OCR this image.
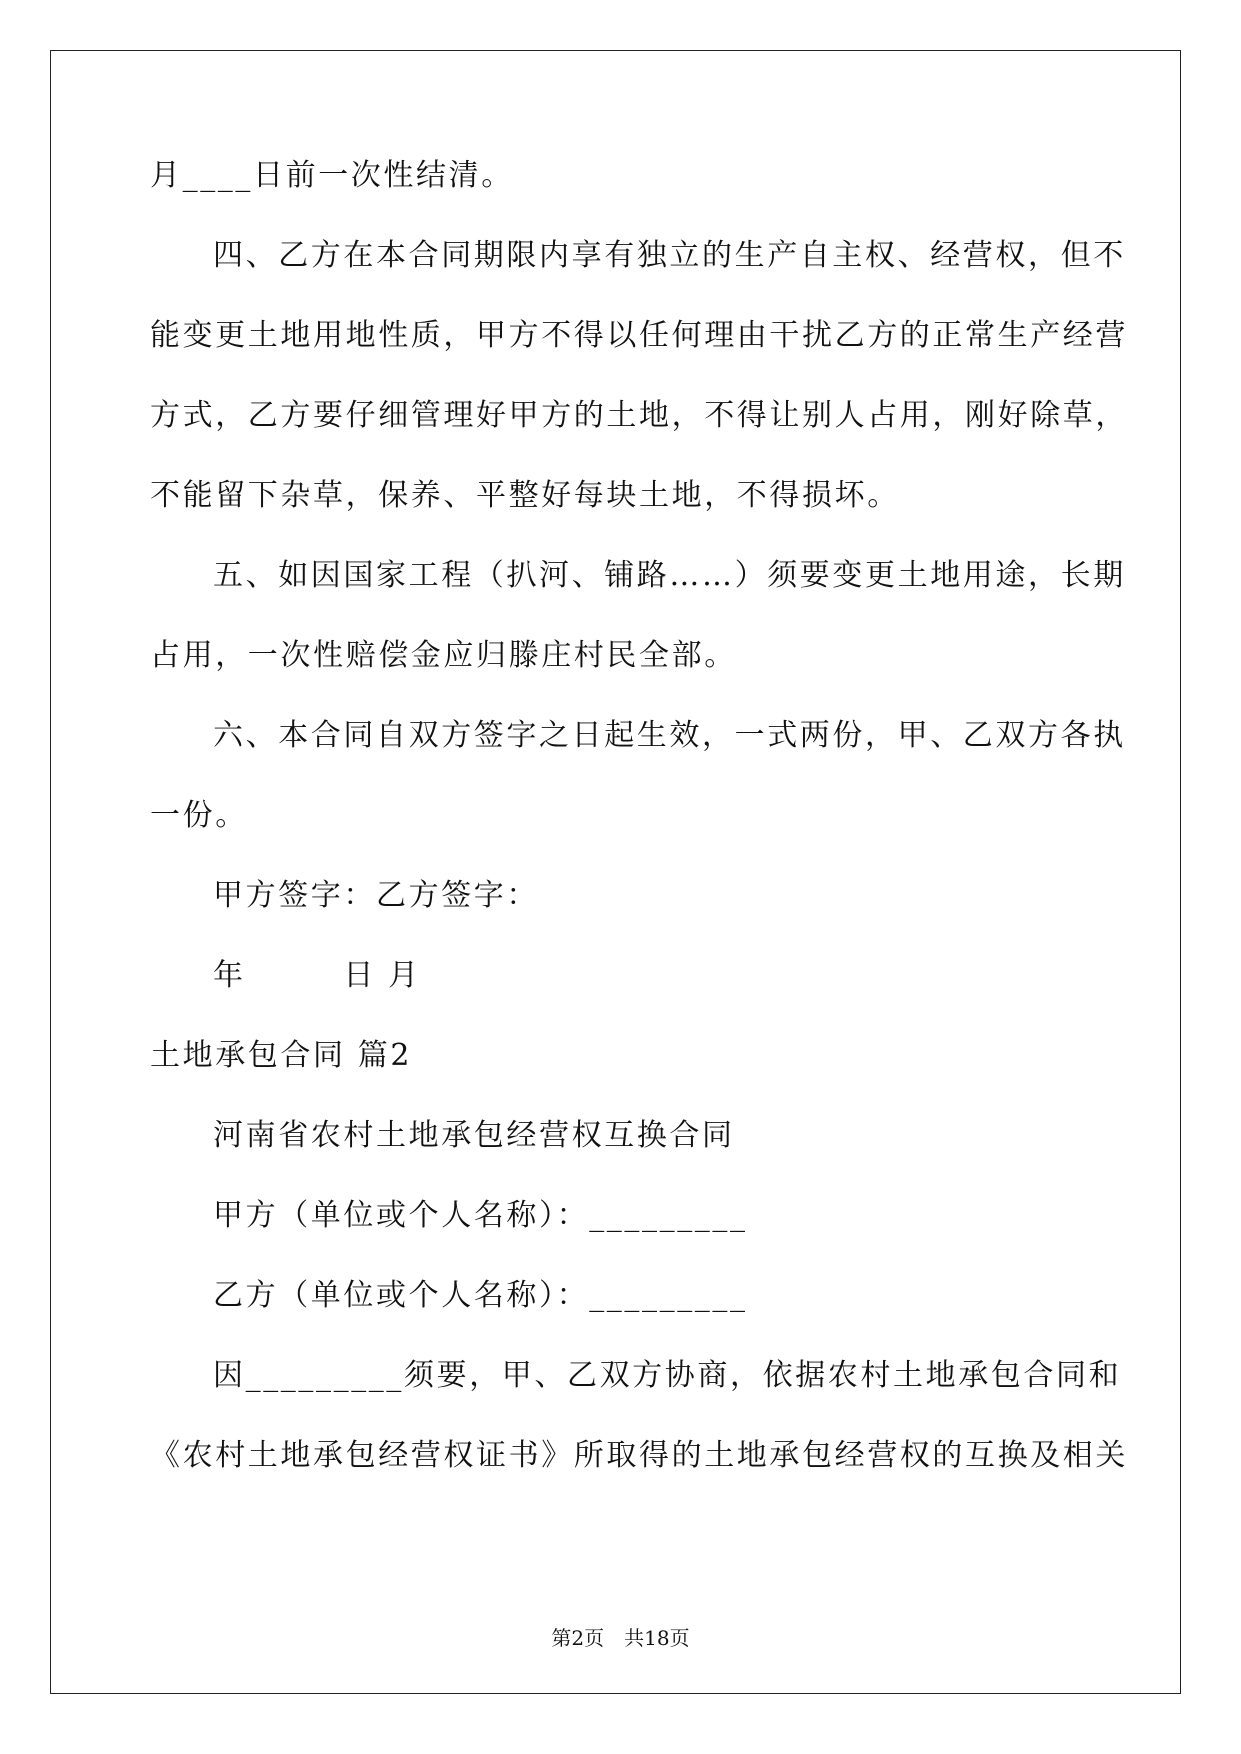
月____日前一次性结清。
四、乙方在本合同期限内享有独立的生产自主权、经营权，但不
能变更土地用地性质，甲方不得以任何理由干扰乙方的正常生产经营
方式，乙方要仔细管理好甲方的土地，不得让别人占用，刚好除草，
不能留下杂草，保养、平整好每块土地，不得损坏。
五、如因国家工程（扒河、铺路……）须要变更土地用途，长期
占用，一次性赔偿金应归滕庄村民全部。
六、本合同自双方签字之日起生效，一式两份，甲、乙双方各执
一份。
甲方签字：乙方签字：
年　　　日 月
土地承包合同 篇2
河南省农村土地承包经营权互换合同
甲方（单位或个人名称）：_________
乙方（单位或个人名称）：_________
因_________须要，甲、乙双方协商，依据农村土地承包合同和
《农村土地承包经营权证书》所取得的土地承包经营权的互换及相关
第2页　共18页
